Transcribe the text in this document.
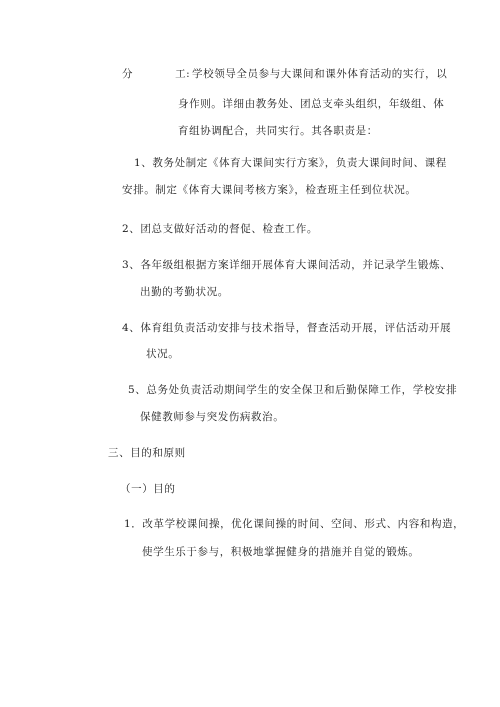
分	工: 学校领导全员参与大课间和课外体育活动的实行，以
身作则。详细由教务处、团总支牵头组织，年级组、体
育组协调配合，共同实行。其各职责是：
1、教务处制定《体育大课间实行方案》，负责大课间时间、课程
安排。制定《体育大课间考核方案》，检查班主任到位状况。
2、团总支做好活动的督促、检查工作。
3、各年级组根据方案详细开展体育大课间活动，并记录学生锻炼、
出勤的考勤状况。
4、体育组负责活动安排与技术指导，督查活动开展，评估活动开展
状况。
5、总务处负责活动期间学生的安全保卫和后勤保障工作，学校安排
保健教师参与突发伤病救治。
三、目的和原则
（一）目的
1．改革学校课间操，优化课间操的时间、空间、形式、内容和构造，
使学生乐于参与，积极地掌握健身的措施并自觉的锻炼。
